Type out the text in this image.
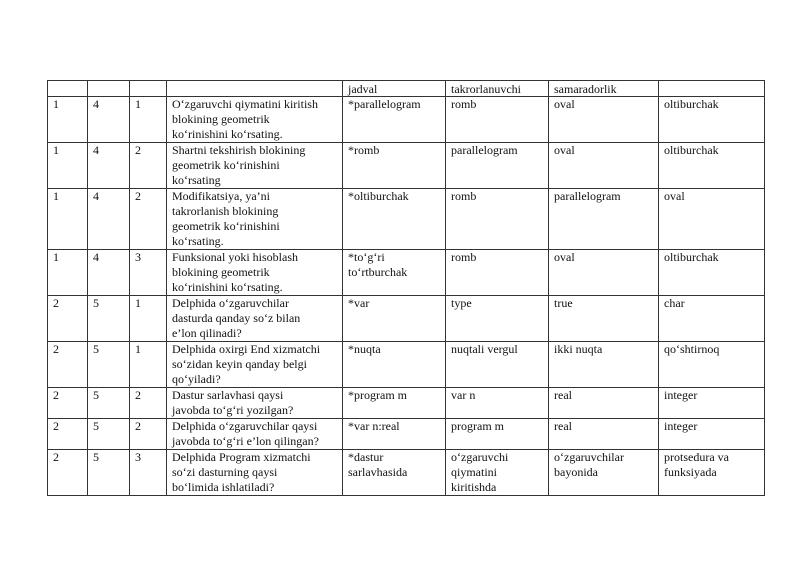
				jadval	takrorlanuvchi	samaradorlik	
1	4	1	O‘zgaruvchi qiymatini kiritish
blokining geometrik
ko‘rinishini ko‘rsating.	*parallelogram	romb	oval	oltiburchak
1	4	2	Shartni tekshirish blokining
geometrik ko‘rinishini
ko‘rsating	*romb	parallelogram	oval	oltiburchak
1	4	2	Modifikatsiya, ya’ni
takrorlanish blokining
geometrik ko‘rinishini
ko‘rsating.	*oltiburchak	romb	parallelogram	oval
1	4	3	Funksional yoki hisoblash
blokining geometrik
ko‘rinishini ko‘rsating.	*to‘g‘ri
to‘rtburchak	romb	oval	oltiburchak
2	5	1	Delphida o‘zgaruvchilar
dasturda qanday so‘z bilan
e’lon qilinadi?	*var	type	true	char
2	5	1	Delphida oxirgi End xizmatchi
so‘zidan keyin qanday belgi
qo‘yiladi?	*nuqta	nuqtali vergul	ikki nuqta	qo‘shtirnoq
2	5	2	Dastur sarlavhasi qaysi
javobda to‘g‘ri yozilgan?	*program m	var n	real	integer
2	5	2	Delphida o‘zgaruvchilar qaysi
javobda to‘g‘ri e’lon qilingan?	*var n:real	program m	real	integer
2	5	3	Delphida Program xizmatchi
so‘zi dasturning qaysi
bo‘limida ishlatiladi?	*dastur
sarlavhasida	o‘zgaruvchi
qiymatini
kiritishda	o‘zgaruvchilar
bayonida	protsedura va
funksiyada
